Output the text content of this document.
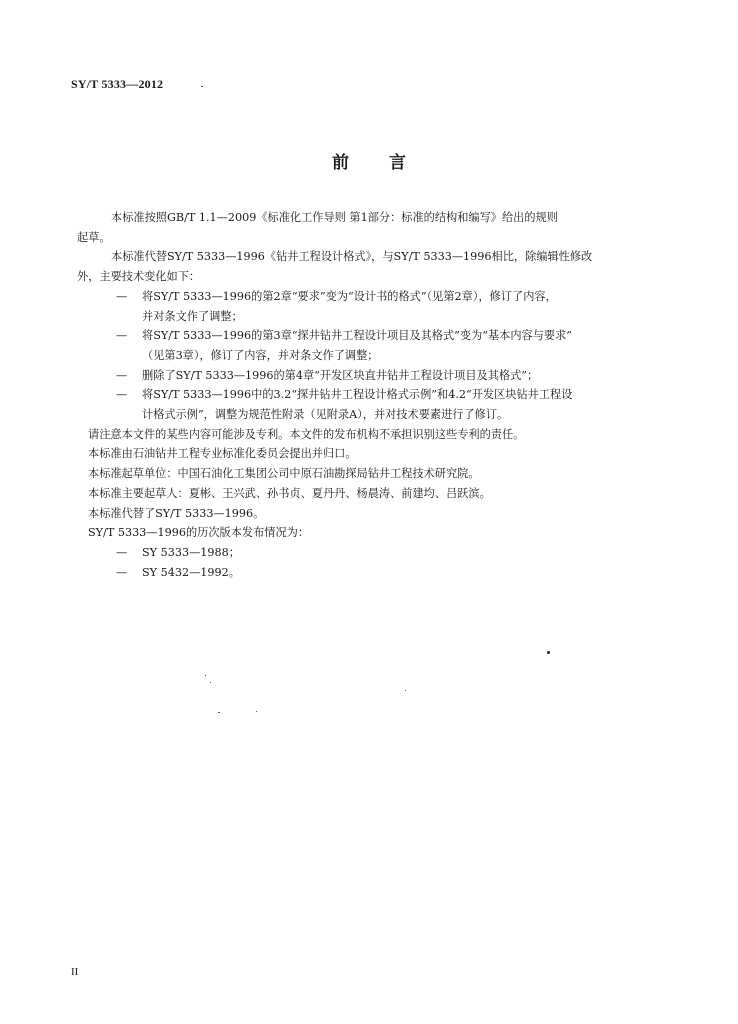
SY/T 5333—2012
前言
本标准按照GB/T 1.1—2009《标准化工作导则 第1部分：标准的结构和编写》给出的规则
起草。
本标准代替SY/T 5333—1996《钻井工程设计格式》，与SY/T 5333—1996相比，除编辑性修改
外，主要技术变化如下：
— 将SY/T 5333—1996的第2章“要求”变为“设计书的格式”（见第2章），修订了内容，
并对条文作了调整；
— 将SY/T 5333—1996的第3章“探井钻井工程设计项目及其格式”变为“基本内容与要求”
（见第3章），修订了内容，并对条文作了调整；
— 删除了SY/T 5333—1996的第4章“开发区块直井钻井工程设计项目及其格式”；
— 将SY/T 5333—1996中的3.2“探井钻井工程设计格式示例”和4.2“开发区块钻井工程设
计格式示例”，调整为规范性附录（见附录A），并对技术要素进行了修订。
请注意本文件的某些内容可能涉及专利。本文件的发布机构不承担识别这些专利的责任。
本标准由石油钻井工程专业标准化委员会提出并归口。
本标准起草单位：中国石油化工集团公司中原石油勘探局钻井工程技术研究院。
本标准主要起草人：夏彬、王兴武、孙书贞、夏丹丹、杨晨涛、前建均、吕跃滨。
本标准代替了SY/T 5333—1996。
SY/T 5333—1996的历次版本发布情况为：
— SY 5333—1988；
— SY 5432—1992。
II
